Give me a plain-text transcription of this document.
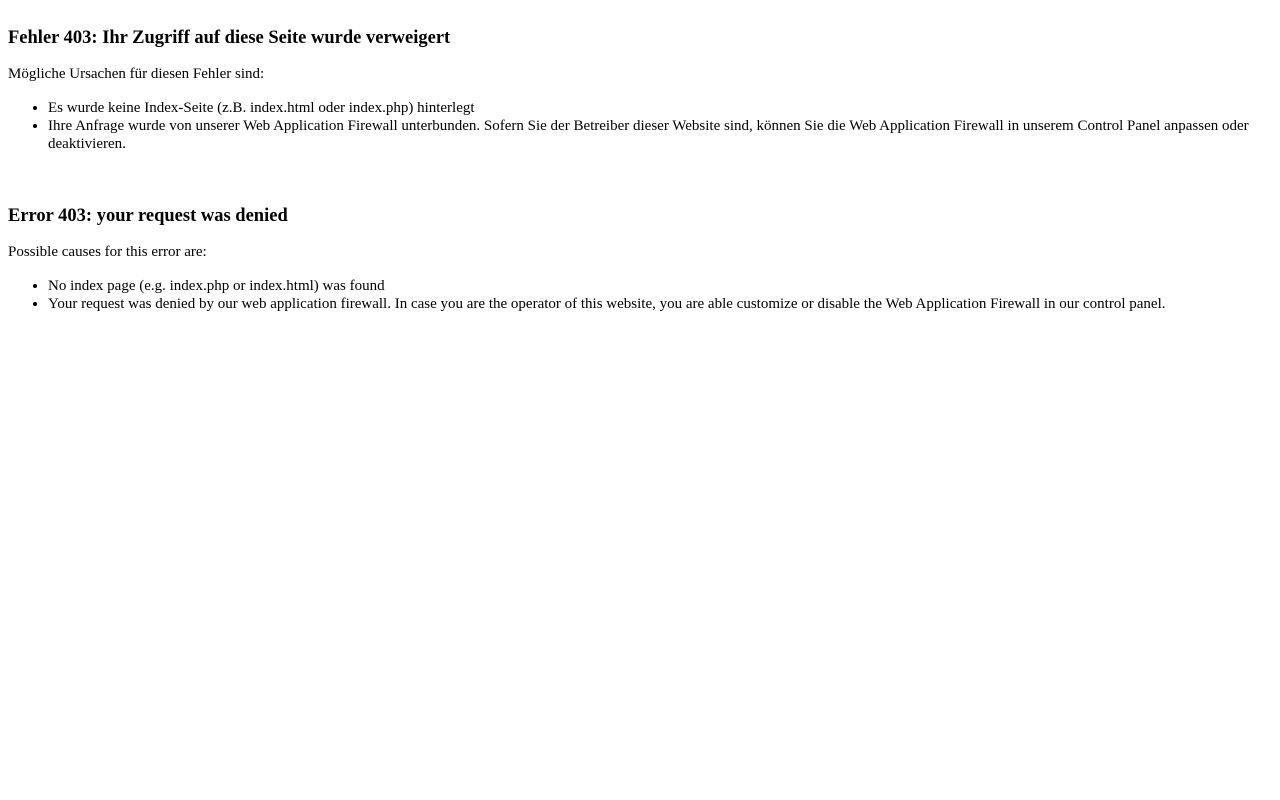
Fehler 403: Ihr Zugriff auf diese Seite wurde verweigert

Mögliche Ursachen für diesen Fehler sind:

• Es wurde keine Index-Seite (z.B. index.html oder index.php) hinterlegt
• Ihre Anfrage wurde von unserer Web Application Firewall unterbunden. Sofern Sie der Betreiber dieser Website sind, können Sie die Web Application Firewall in unserem Control Panel anpassen oder deaktivieren.
Error 403: your request was denied

Possible causes for this error are:

• No index page (e.g. index.php or index.html) was found
• Your request was denied by our web application firewall. In case you are the operator of this website, you are able customize or disable the Web Application Firewall in our control panel.
